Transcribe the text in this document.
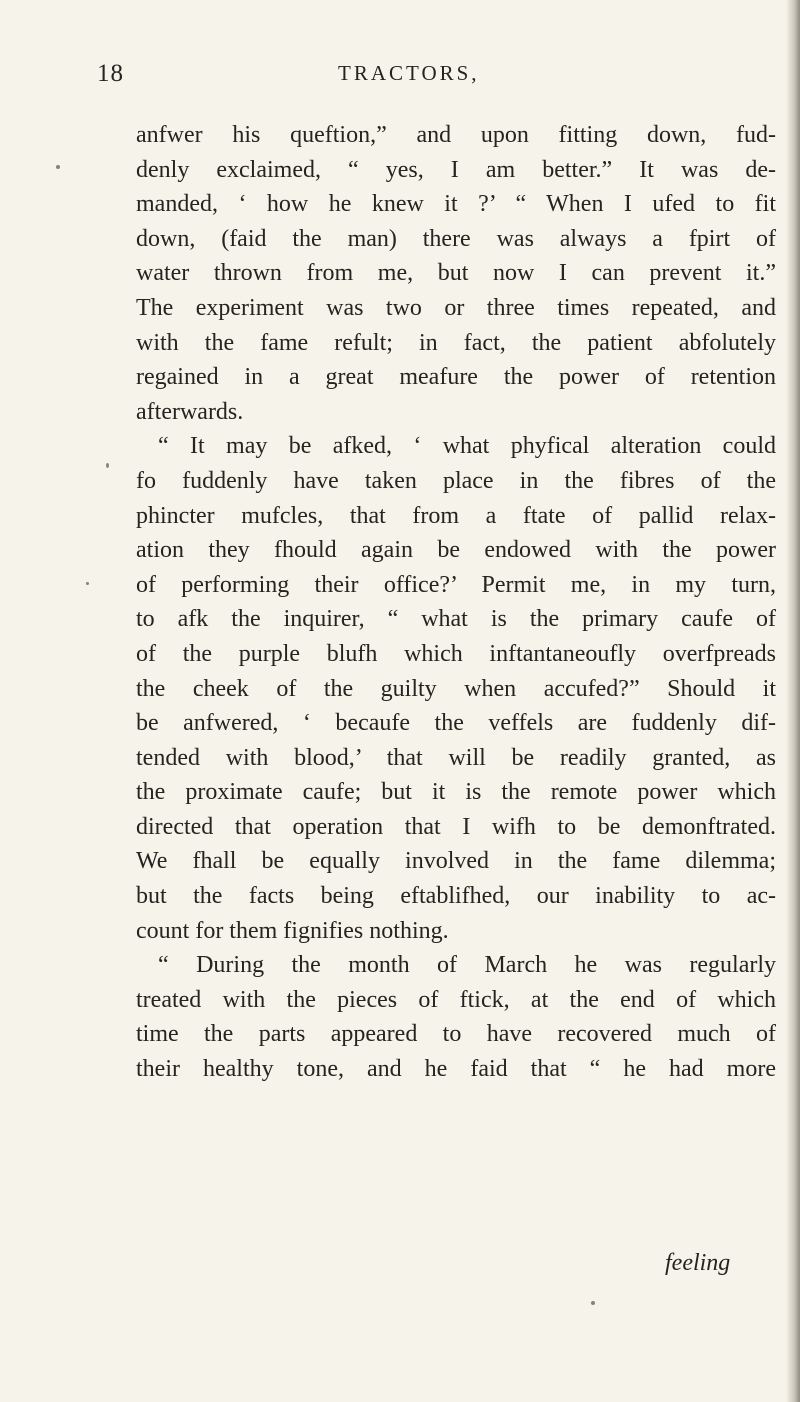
18	TRACTORS,
anfwer his queftion,” and upon fitting down, fud-
denly exclaimed, “ yes, I am better.” It was de-
manded, ‘ how he knew it ?’ “ When I ufed to fit
down, (faid the man) there was always a fpirt of
water thrown from me, but now I can prevent it.”
The experiment was two or three times repeated, and
with the fame refult; in fact, the patient abfolutely
regained in a great meafure the power of retention
afterwards.
“ It may be afked, ‘ what phyfical alteration could
fo fuddenly have taken place in the fibres of the
phincter mufcles, that from a ftate of pallid relax-
ation they fhould again be endowed with the power
of performing their office?’ Permit me, in my turn,
to afk the inquirer, “ what is the primary caufe of
of the purple blufh which inftantaneoufly overfpreads
the cheek of the guilty when accufed?” Should it
be anfwered, ‘ becaufe the veffels are fuddenly dif-
tended with blood,’ that will be readily granted, as
the proximate caufe; but it is the remote power which
directed that operation that I wifh to be demonftrated.
We fhall be equally involved in the fame dilemma;
but the facts being eftablifhed, our inability to ac-
count for them fignifies nothing.
“ During the month of March he was regularly
treated with the pieces of ftick, at the end of which
time the parts appeared to have recovered much of
their healthy tone, and he faid that “ he had more
feeling
